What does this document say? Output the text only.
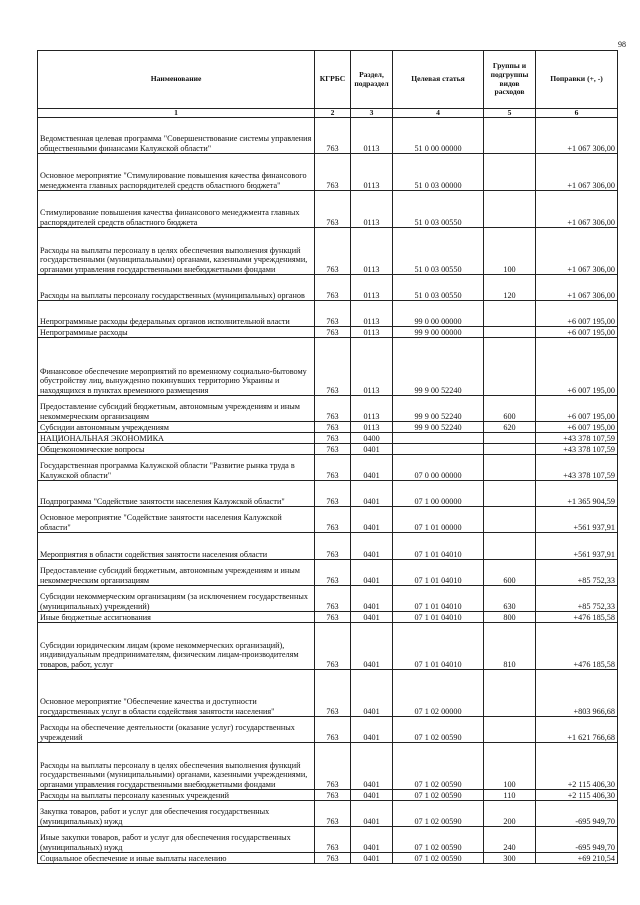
98
Наименование	КГРБС	Раздел, подраздел	Целевая статья	Группы и подгруппы видов расходов	Поправки (+, -)
1	2	3	4	5	6
Ведомственная целевая программа "Совершенствование системы управления общественными финансами Калужской области"	763	0113	51 0 00 00000		+1 067 306,00
Основное мероприятие "Стимулирование повышения качества финансового менеджмента главных распорядителей средств областного бюджета"	763	0113	51 0 03 00000		+1 067 306,00
Стимулирование повышения качества финансового менеджмента главных распорядителей средств областного бюджета	763	0113	51 0 03 00550		+1 067 306,00
Расходы на выплаты персоналу в целях обеспечения выполнения функций государственными (муниципальными) органами, казенными учреждениями, органами управления государственными внебюджетными фондами	763	0113	51 0 03 00550	100	+1 067 306,00
Расходы на выплаты персоналу государственных (муниципальных) органов	763	0113	51 0 03 00550	120	+1 067 306,00
Непрограммные расходы федеральных органов исполнительной власти	763	0113	99 0 00 00000		+6 007 195,00
Непрограммные расходы	763	0113	99 9 00 00000		+6 007 195,00
Финансовое обеспечение мероприятий по временному социально-бытовому обустройству лиц, вынужденно покинувших территорию Украины и находящихся в пунктах временного размещения	763	0113	99 9 00 52240		+6 007 195,00
Предоставление субсидий бюджетным, автономным учреждениям и иным некоммерческим организациям	763	0113	99 9 00 52240	600	+6 007 195,00
Субсидии автономным учреждениям	763	0113	99 9 00 52240	620	+6 007 195,00
НАЦИОНАЛЬНАЯ ЭКОНОМИКА	763	0400			+43 378 107,59
Общеэкономические вопросы	763	0401			+43 378 107,59
Государственная программа Калужской области "Развитие рынка труда в Калужской области"	763	0401	07 0 00 00000		+43 378 107,59
Подпрограмма "Содействие занятости населения Калужской области"	763	0401	07 1 00 00000		+1 365 904,59
Основное мероприятие "Содействие занятости населения Калужской области"	763	0401	07 1 01 00000		+561 937,91
Мероприятия в области содействия занятости населения области	763	0401	07 1 01 04010		+561 937,91
Предоставление субсидий бюджетным, автономным учреждениям и иным некоммерческим организациям	763	0401	07 1 01 04010	600	+85 752,33
Субсидии некоммерческим организациям (за исключением государственных (муниципальных) учреждений)	763	0401	07 1 01 04010	630	+85 752,33
Иные бюджетные ассигнования	763	0401	07 1 01 04010	800	+476 185,58
Субсидии юридическим лицам (кроме некоммерческих организаций), индивидуальным предпринимателям, физическим лицам-производителям товаров, работ, услуг	763	0401	07 1 01 04010	810	+476 185,58
Основное мероприятие "Обеспечение качества и доступности государственных услуг в области содействия занятости населения"	763	0401	07 1 02 00000		+803 966,68
Расходы на обеспечение деятельности (оказание услуг) государственных учреждений	763	0401	07 1 02 00590		+1 621 766,68
Расходы на выплаты персоналу в целях обеспечения выполнения функций государственными (муниципальными) органами, казенными учреждениями, органами управления государственными внебюджетными фондами	763	0401	07 1 02 00590	100	+2 115 406,30
Расходы на выплаты персоналу казенных учреждений	763	0401	07 1 02 00590	110	+2 115 406,30
Закупка товаров, работ и услуг для обеспечения государственных (муниципальных) нужд	763	0401	07 1 02 00590	200	-695 949,70
Иные закупки товаров, работ и услуг для обеспечения государственных (муниципальных) нужд	763	0401	07 1 02 00590	240	-695 949,70
Социальное обеспечение и иные выплаты населению	763	0401	07 1 02 00590	300	+69 210,54
